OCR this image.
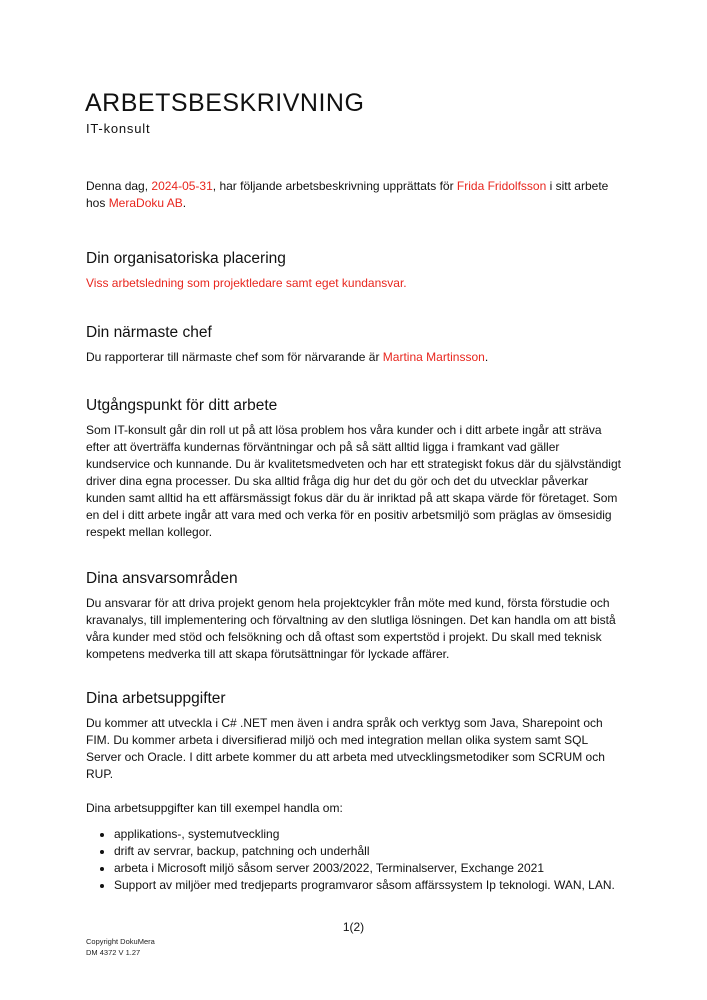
ARBETSBESKRIVNING
IT-konsult

Denna dag, 2024-05-31, har följande arbetsbeskrivning upprättats för Frida Fridolfsson i sitt arbete hos MeraDoku AB.

Din organisatoriska placering

Viss arbetsledning som projektledare samt eget kundansvar.

Din närmaste chef

Du rapporterar till närmaste chef som för närvarande är Martina Martinsson.

Utgångspunkt för ditt arbete

Som IT-konsult går din roll ut på att lösa problem hos våra kunder och i ditt arbete ingår att sträva efter att överträffa kundernas förväntningar och på så sätt alltid ligga i framkant vad gäller kundservice och kunnande. Du är kvalitetsmedveten och har ett strategiskt fokus där du självständigt driver dina egna processer. Du ska alltid fråga dig hur det du gör och det du utvecklar påverkar kunden samt alltid ha ett affärsmässigt fokus där du är inriktad på att skapa värde för företaget. Som en del i ditt arbete ingår att vara med och verka för en positiv arbetsmiljö som präglas av ömsesidig respekt mellan kollegor.

Dina ansvarsområden

Du ansvarar för att driva projekt genom hela projektcykler från möte med kund, första förstudie och kravanalys, till implementering och förvaltning av den slutliga lösningen. Det kan handla om att bistå våra kunder med stöd och felsökning och då oftast som expertstöd i projekt. Du skall med teknisk kompetens medverka till att skapa förutsättningar för lyckade affärer.

Dina arbetsuppgifter

Du kommer att utveckla i C# .NET men även i andra språk och verktyg som Java, Sharepoint och FIM. Du kommer arbeta i diversifierad miljö och med integration mellan olika system samt SQL Server och Oracle. I ditt arbete kommer du att arbeta med utvecklingsmetodiker som SCRUM och RUP.

Dina arbetsuppgifter kan till exempel handla om:

• applikations-, systemutveckling
• drift av servrar, backup, patchning och underhåll
• arbeta i Microsoft miljö såsom server 2003/2022, Terminalserver, Exchange 2021
• Support av miljöer med tredjeparts programvaror såsom affärssystem Ip teknologi. WAN, LAN.
1(2)
Copyright DokuMera
DM 4372 V 1.27
